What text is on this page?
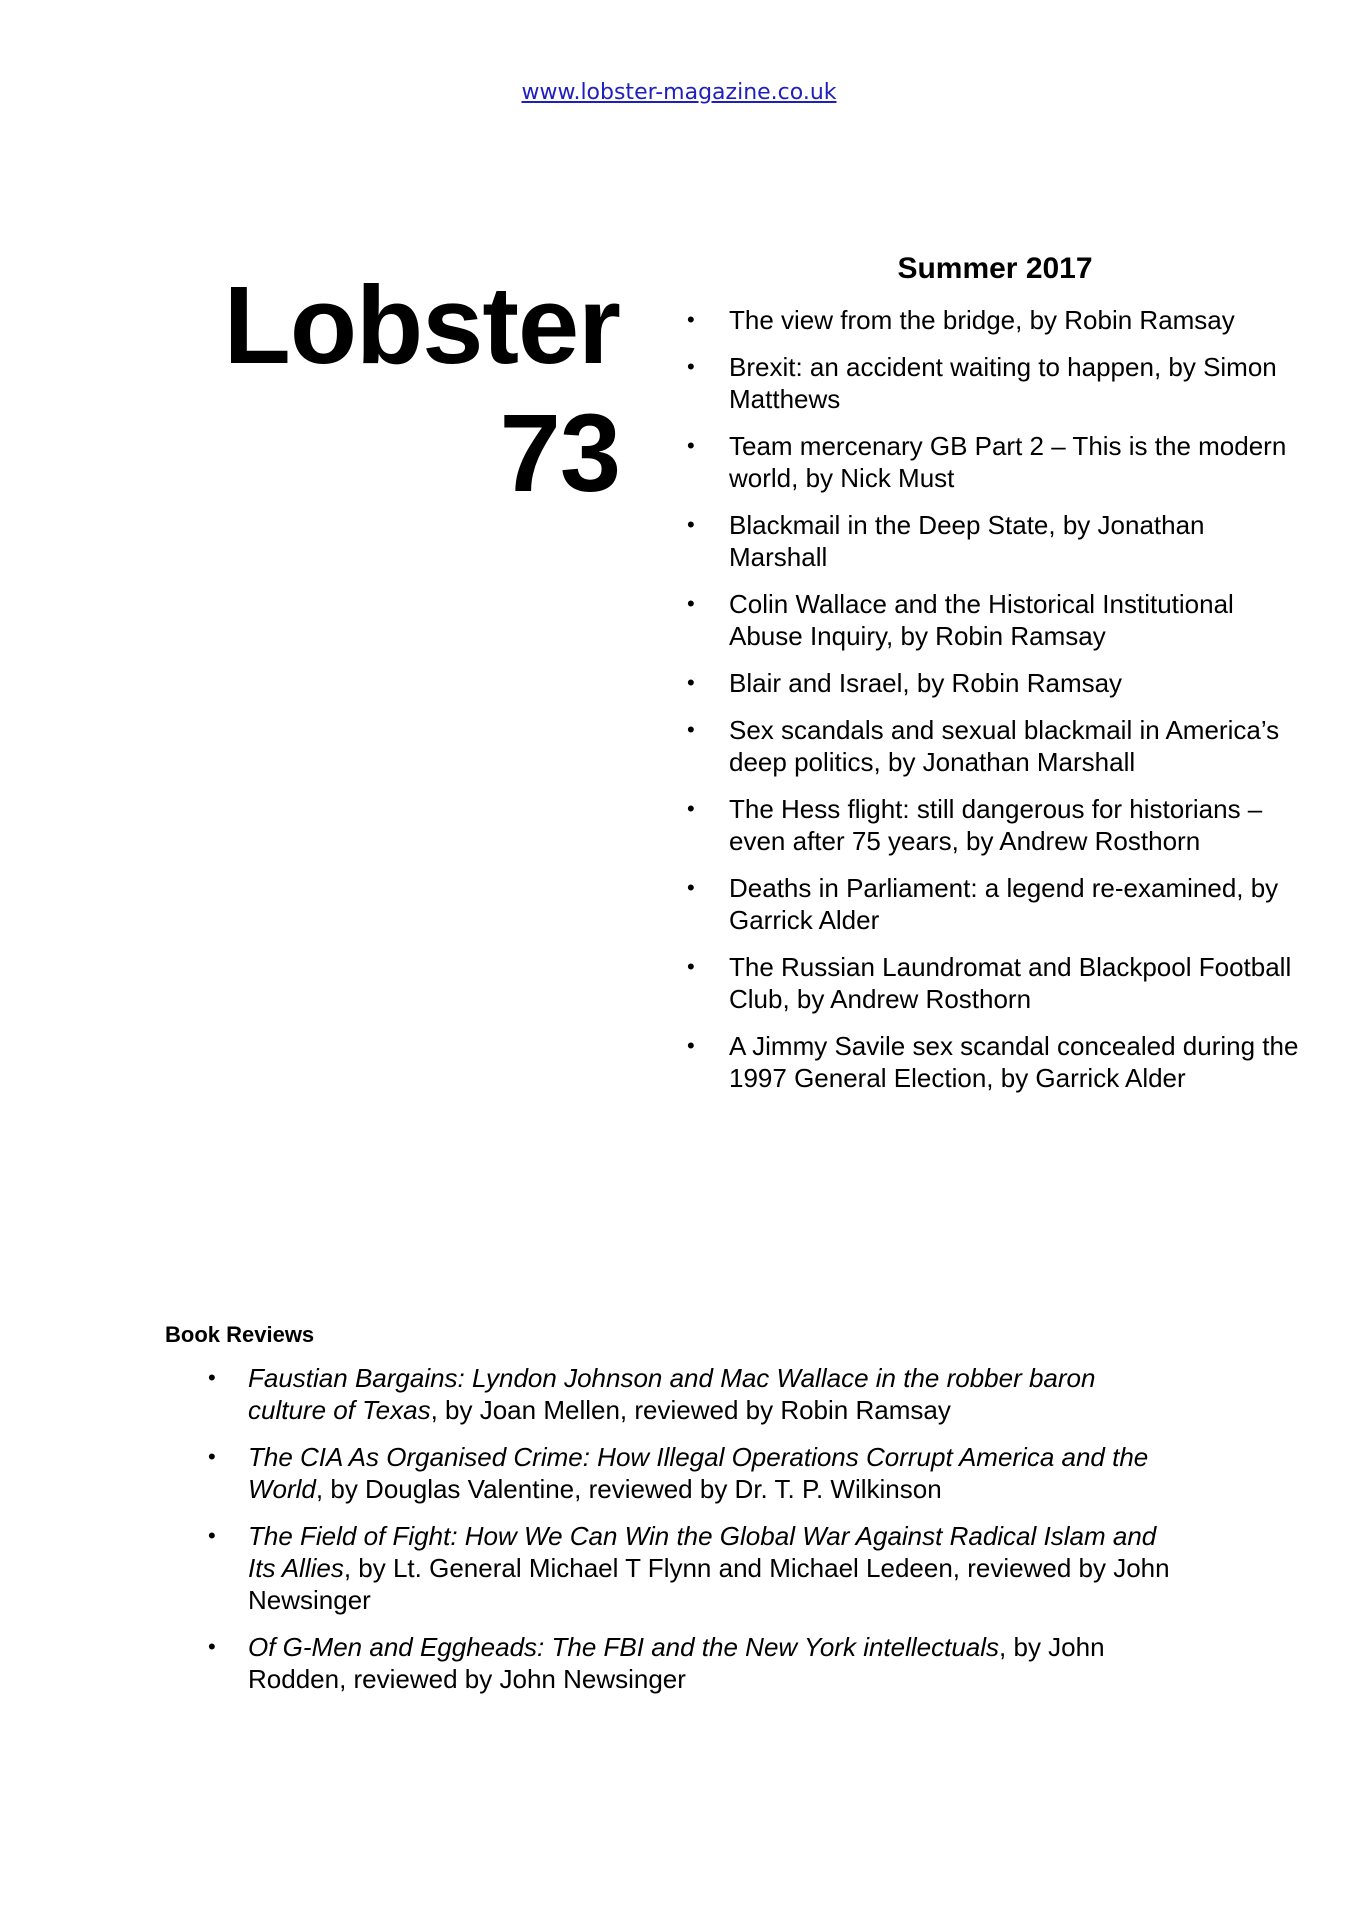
www.lobster-magazine.co.uk
Lobster
73
Summer 2017
• The view from the bridge, by Robin Ramsay
• Brexit: an accident waiting to happen, by Simon Matthews
• Team mercenary GB Part 2 – This is the modern world, by Nick Must
• Blackmail in the Deep State, by Jonathan Marshall
• Colin Wallace and the Historical Institutional Abuse Inquiry, by Robin Ramsay
• Blair and Israel, by Robin Ramsay
• Sex scandals and sexual blackmail in America’s deep politics, by Jonathan Marshall
• The Hess flight: still dangerous for historians – even after 75 years, by Andrew Rosthorn
• Deaths in Parliament: a legend re-examined, by Garrick Alder
• The Russian Laundromat and Blackpool Football Club, by Andrew Rosthorn
• A Jimmy Savile sex scandal concealed during the 1997 General Election, by Garrick Alder
Book Reviews
• Faustian Bargains: Lyndon Johnson and Mac Wallace in the robber baron culture of Texas, by Joan Mellen, reviewed by Robin Ramsay
• The CIA As Organised Crime: How Illegal Operations Corrupt America and the World, by Douglas Valentine, reviewed by Dr. T. P. Wilkinson
• The Field of Fight: How We Can Win the Global War Against Radical Islam and Its Allies, by Lt. General Michael T Flynn and Michael Ledeen, reviewed by John Newsinger
• Of G-Men and Eggheads: The FBI and the New York intellectuals, by John Rodden, reviewed by John Newsinger
